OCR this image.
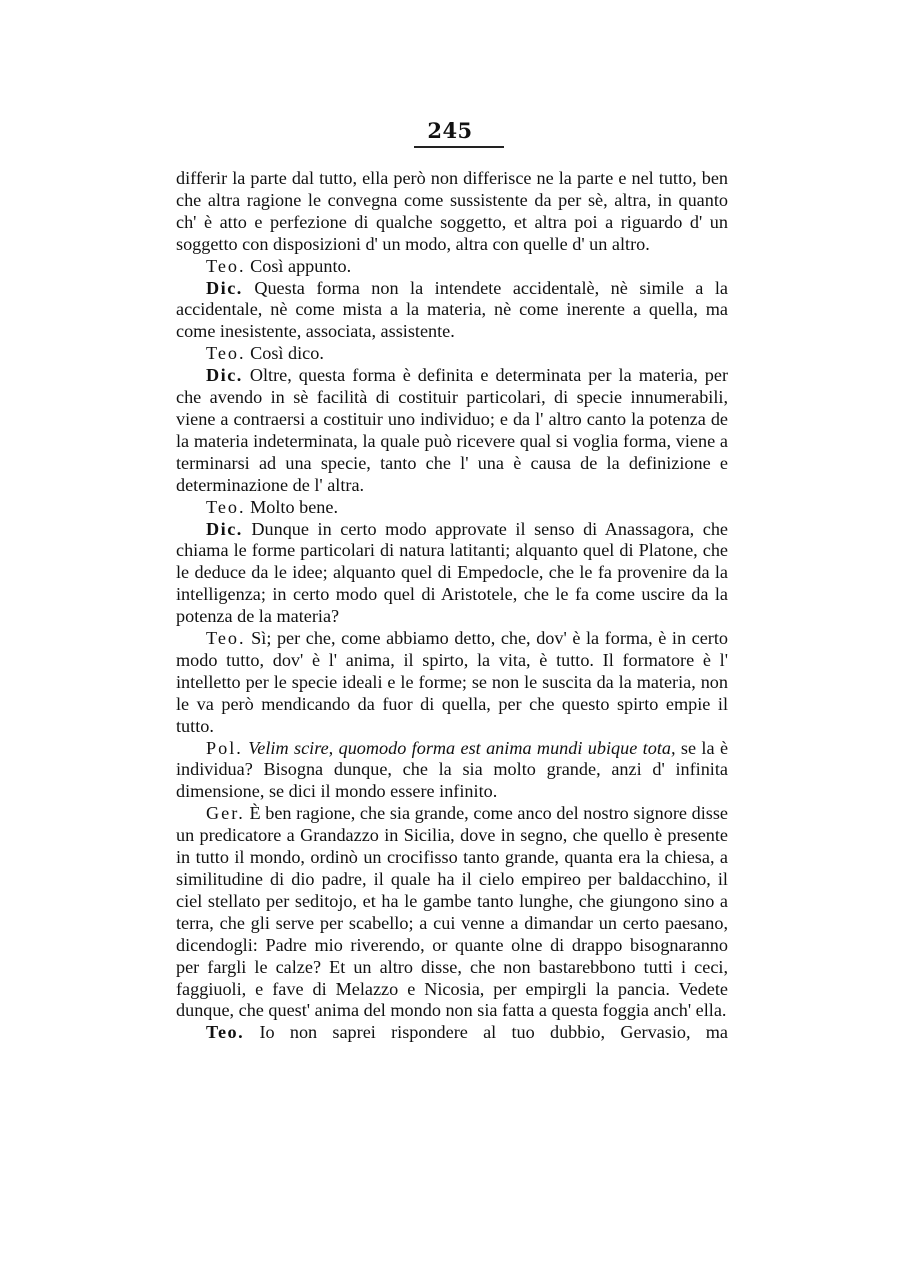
245

differir la parte dal tutto, ella però non differisce ne la parte e nel tutto, ben che altra ragione le convegna come sussistente da per sè, altra, in quanto ch' è atto e perfezione di qualche soggetto, et altra poi a riguardo d' un soggetto con disposizioni d' un modo, altra con quelle d' un altro.

Teo. Così appunto.

Dic. Questa forma non la intendete accidentalè, nè simile a la accidentale, nè come mista a la materia, nè come inerente a quella, ma come inesistente, associata, assistente.

Teo. Così dico.

Dic. Oltre, questa forma è definita e determinata per la materia, per che avendo in sè facilità di costituir particolari, di specie innumerabili, viene a contraersi a costituir uno individuo; e da l' altro canto la potenza de la materia indeterminata, la quale può ricevere qual si voglia forma, viene a terminarsi ad una specie, tanto che l' una è causa de la definizione e determinazione de l' altra.

Teo. Molto bene.

Dic. Dunque in certo modo approvate il senso di Anassagora, che chiama le forme particolari di natura latitanti; alquanto quel di Platone, che le deduce da le idee; alquanto quel di Empedocle, che le fa provenire da la intelligenza; in certo modo quel di Aristotele, che le fa come uscire da la potenza de la materia?

Teo. Sì; per che, come abbiamo detto, che, dov' è la forma, è in certo modo tutto, dov' è l' anima, il spirto, la vita, è tutto. Il formatore è l' intelletto per le specie ideali e le forme; se non le suscita da la materia, non le va però mendicando da fuor di quella, per che questo spirto empie il tutto.

Pol. Velim scire, quomodo forma est anima mundi ubique tota, se la è individua? Bisogna dunque, che la sia molto grande, anzi d' infinita dimensione, se dici il mondo essere infinito.

Ger. È ben ragione, che sia grande, come anco del nostro signore disse un predicatore a Grandazzo in Sicilia, dove in segno, che quello è presente in tutto il mondo, ordinò un crocifisso tanto grande, quanta era la chiesa, a similitudine di dio padre, il quale ha il cielo empireo per baldacchino, il ciel stellato per seditojo, et ha le gambe tanto lunghe, che giungono sino a terra, che gli serve per scabello; a cui venne a dimandar un certo paesano, dicendogli: Padre mio riverendo, or quante olne di drappo bisognaranno per fargli le calze? Et un altro disse, che non bastarebbono tutti i ceci, faggiuoli, e fave di Melazzo e Nicosia, per empirgli la pancia. Vedete dunque, che quest' anima del mondo non sia fatta a questa foggia anch' ella.

Teo. Io non saprei rispondere al tuo dubbio, Gervasio, ma
